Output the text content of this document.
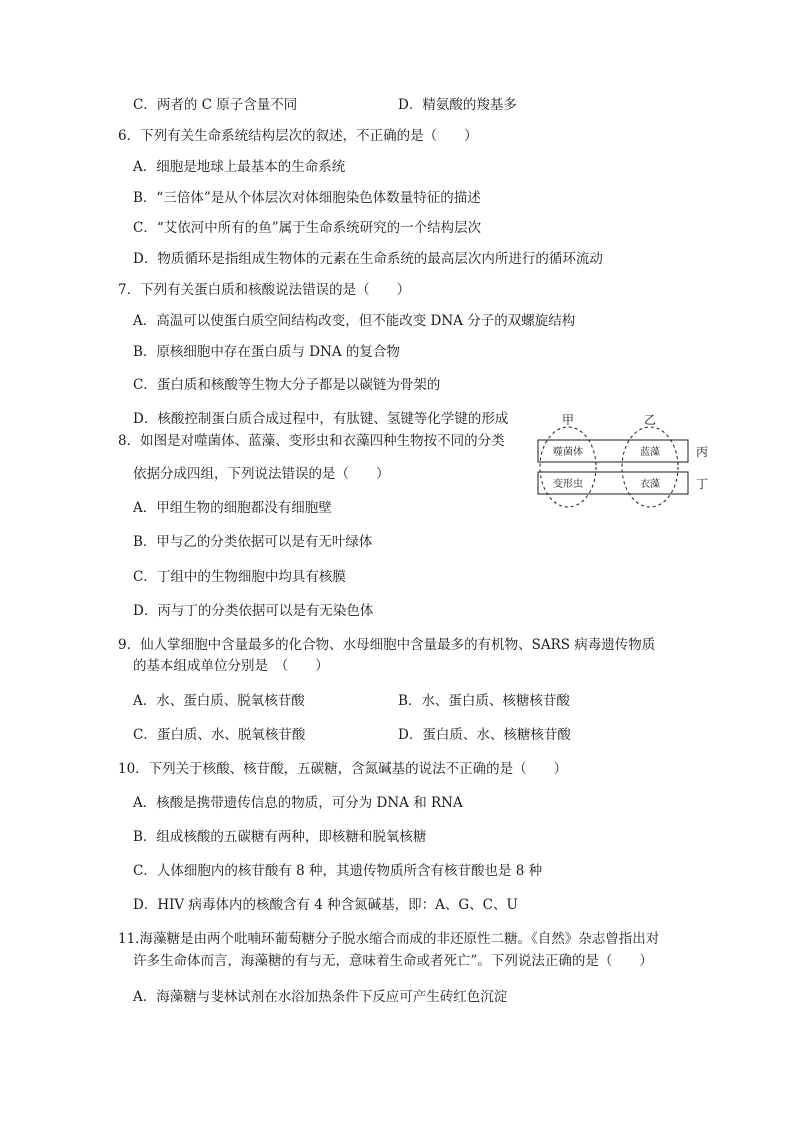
C．两者的 C 原子含量不同	D．精氨酸的羧基多
6．下列有关生命系统结构层次的叙述，不正确的是（　　）
A．细胞是地球上最基本的生命系统
B．“三倍体”是从个体层次对体细胞染色体数量特征的描述
C．“艾依河中所有的鱼”属于生命系统研究的一个结构层次
D．物质循环是指组成生物体的元素在生命系统的最高层次内所进行的循环流动
7．下列有关蛋白质和核酸说法错误的是（　　）
A．高温可以使蛋白质空间结构改变，但不能改变 DNA 分子的双螺旋结构
B．原核细胞中存在蛋白质与 DNA 的复合物
C．蛋白质和核酸等生物大分子都是以碳链为骨架的
D．核酸控制蛋白质合成过程中，有肽键、氢键等化学键的形成
8．如图是对噬菌体、蓝藻、变形虫和衣藻四种生物按不同的分类
依据分成四组，下列说法错误的是（　　）
甲	乙
丙
丁
噬菌体	蓝藻
变形虫	衣藻
A．甲组生物的细胞都没有细胞壁
B．甲与乙的分类依据可以是有无叶绿体
C．丁组中的生物细胞中均具有核膜
D．丙与丁的分类依据可以是有无染色体
9．仙人掌细胞中含量最多的化合物、水母细胞中含量最多的有机物、SARS 病毒遗传物质
的基本组成单位分别是　（　　）
A．水、蛋白质、脱氧核苷酸	B．水、蛋白质、核糖核苷酸
C．蛋白质、水、脱氧核苷酸	D．蛋白质、水、核糖核苷酸
10．下列关于核酸、核苷酸，五碳糖，含氮碱基的说法不正确的是（　　）
A．核酸是携带遗传信息的物质，可分为 DNA 和 RNA
B．组成核酸的五碳糖有两种，即核糖和脱氧核糖
C．人体细胞内的核苷酸有 8 种，其遗传物质所含有核苷酸也是 8 种
D．HIV 病毒体内的核酸含有 4 种含氮碱基，即：A、G、C、U
11.海藻糖是由两个吡喃环葡萄糖分子脱水缩合而成的非还原性二糖。《自然》杂志曾指出对
许多生命体而言，海藻糖的有与无，意味着生命或者死亡”。下列说法正确的是（　　）
A．海藻糖与斐林试剂在水浴加热条件下反应可产生砖红色沉淀
